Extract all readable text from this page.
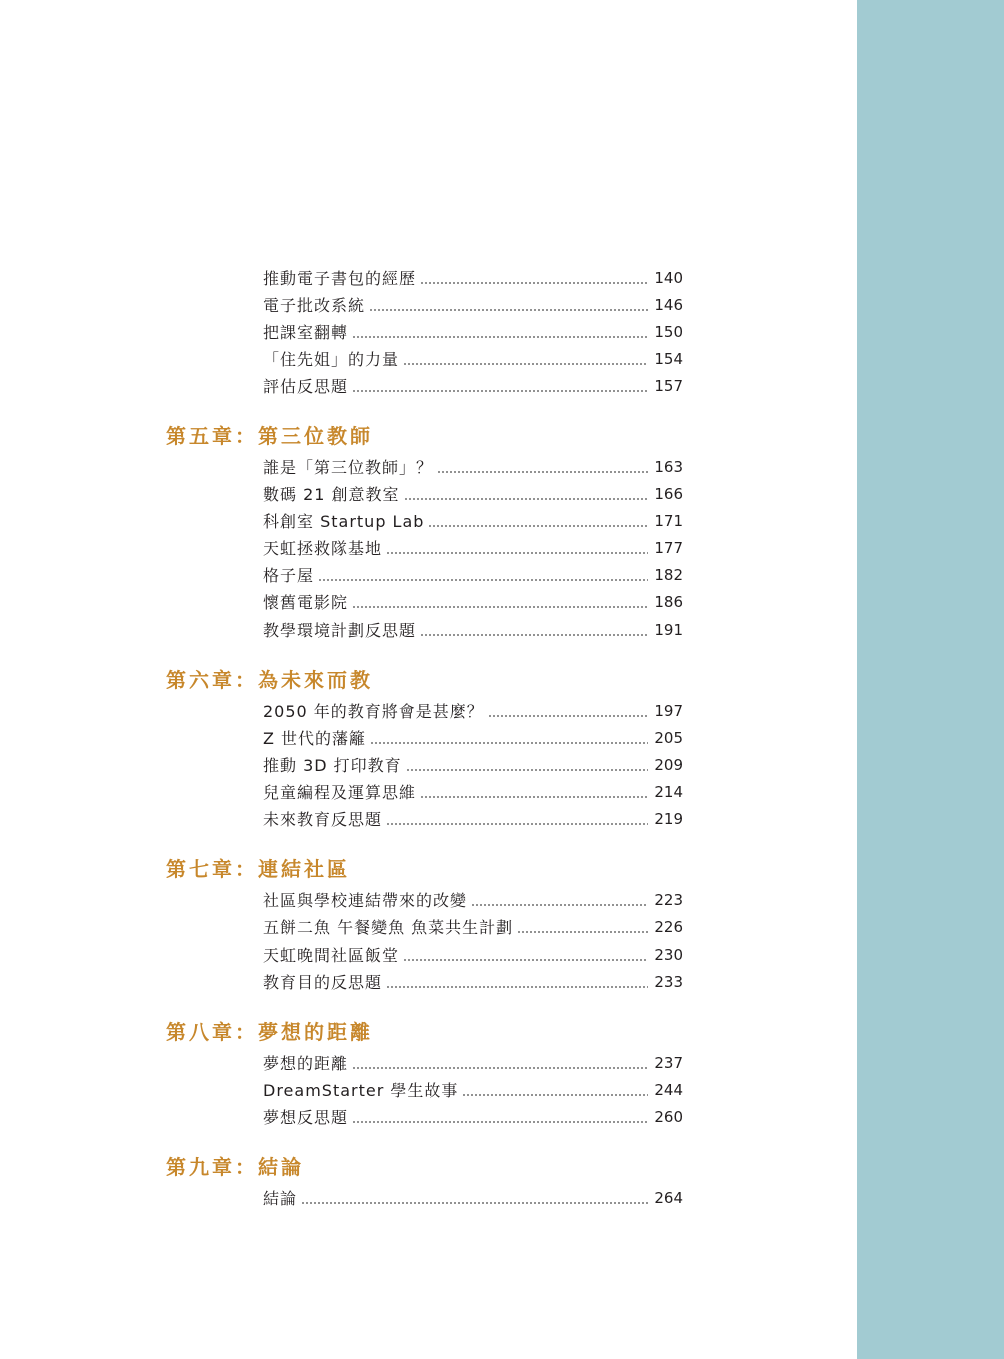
推動電子書包的經歷	140
電子批改系統	146
把課室翻轉	150
「住先姐」的力量	154
評估反思題	157
第五章：第三位教師
誰是「第三位教師」？	163
數碼 21 創意教室	166
科創室 Startup Lab	171
天虹拯救隊基地	177
格子屋	182
懷舊電影院	186
教學環境計劃反思題	191
第六章：為未來而教
2050 年的教育將會是甚麼？	197
Z 世代的藩籬	205
推動 3D 打印教育	209
兒童編程及運算思維	214
未來教育反思題	219
第七章：連結社區
社區與學校連結帶來的改變	223
五餅二魚 午餐變魚 魚菜共生計劃	226
天虹晚間社區飯堂	230
教育目的反思題	233
第八章：夢想的距離
夢想的距離	237
DreamStarter 學生故事	244
夢想反思題	260
第九章：結論
結論	264
